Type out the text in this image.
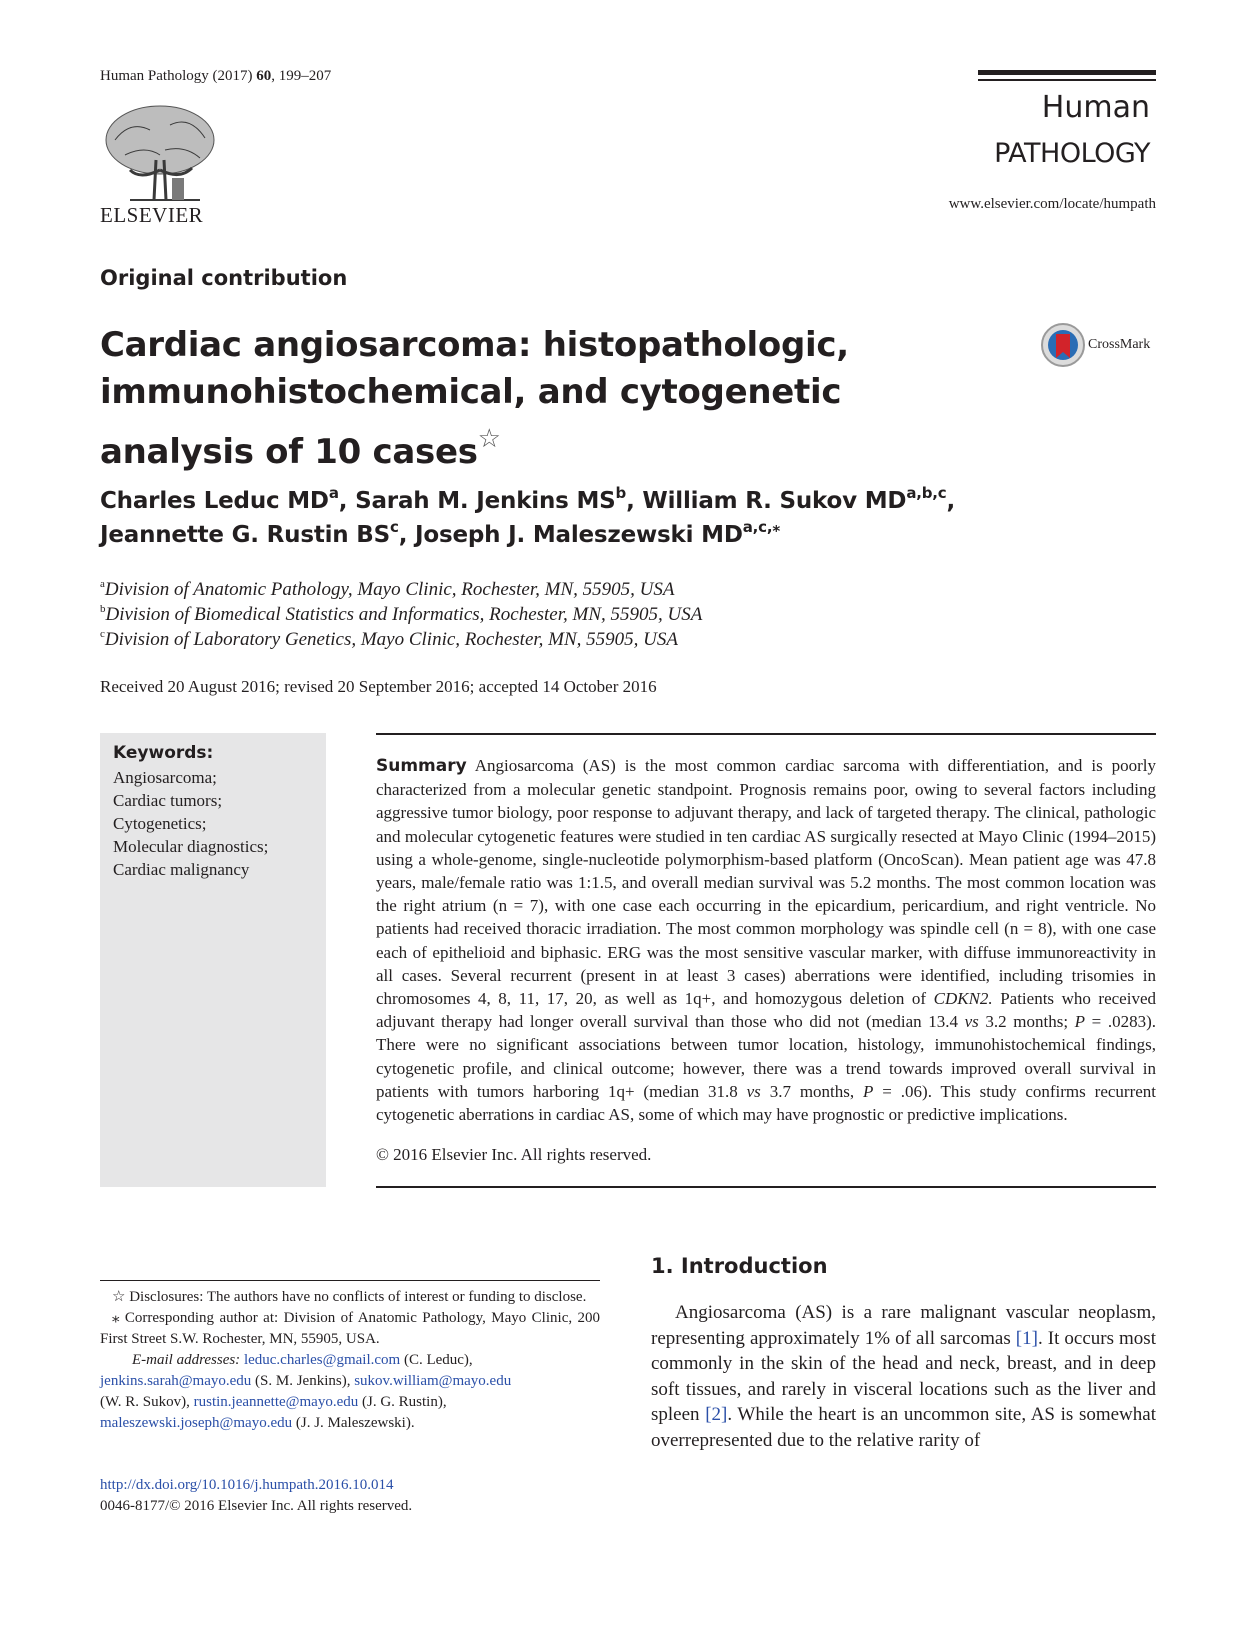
Human Pathology (2017) 60, 199–207
ELSEVIER
Human
PATHOLOGY
www.elsevier.com/locate/humpath
Original contribution
CrossMark
Cardiac angiosarcoma: histopathologic,
immunohistochemical, and cytogenetic
analysis of 10 cases☆
Charles Leduc $MD^a$, Sarah M. Jenkins $MS^b$, William R. Sukov MD$^{a,b,c}$,
Jeannette G. Rustin $BS^c$, Joseph J. Maleszewski $MD^{a,c,⁎}$
$^a$Division of Anatomic Pathology, Mayo Clinic, Rochester, MN, 55905, USA
$^b$Division of Biomedical Statistics and Informatics, Rochester, MN, 55905, USA
$^c$Division of Laboratory Genetics, Mayo Clinic, Rochester, MN, 55905, USA
Received 20 August 2016; revised 20 September 2016; accepted 14 October 2016
Keywords:
Angiosarcoma;
Cardiac tumors;
Cytogenetics;
Molecular diagnostics;
Cardiac malignancy
Summary Angiosarcoma (AS) is the most common cardiac sarcoma with differentiation, and is poorly characterized from a molecular genetic standpoint. Prognosis remains poor, owing to several factors including aggressive tumor biology, poor response to adjuvant therapy, and lack of targeted therapy. The clinical, pathologic and molecular cytogenetic features were studied in ten cardiac AS surgically resected at Mayo Clinic (1994–2015) using a whole-genome, single-nucleotide polymorphism-based platform (OncoScan). Mean patient age was 47.8 years, male/female ratio was 1:1.5, and overall median survival was 5.2 months. The most common location was the right atrium (n = 7), with one case each occurring in the epicardium, pericardium, and right ventricle. No patients had received thoracic irradiation. The most common morphology was spindle cell (n = 8), with one case each of epithelioid and biphasic. ERG was the most sensitive vascular marker, with diffuse immunoreactivity in all cases. Several recurrent (present in at least 3 cases) aberrations were identified, including trisomies in chromosomes 4, 8, 11, 17, 20, as well as 1q+, and homozygous deletion of CDKN2. Patients who received adjuvant therapy had longer overall survival than those who did not (median 13.4 vs 3.2 months; P = .0283). There were no significant associations between tumor location, histology, immunohistochemical findings, cytogenetic profile, and clinical outcome; however, there was a trend towards improved overall survival in patients with tumors harboring 1q+ (median 31.8 vs 3.7 months, P = .06). This study confirms recurrent cytogenetic aberrations in cardiac AS, some of which may have prognostic or predictive implications.
© 2016 Elsevier Inc. All rights reserved.

☆ Disclosures: The authors have no conflicts of interest or funding to disclose.

⁎ Corresponding author at: Division of Anatomic Pathology, Mayo Clinic, 200 First Street S.W. Rochester, MN, 55905, USA.

E-mail addresses: leduc.charles@gmail.com (C. Leduc),
jenkins.sarah@mayo.edu (S. M. Jenkins), sukov.william@mayo.edu
(W. R. Sukov), rustin.jeannette@mayo.edu (J. G. Rustin),
maleszewski.joseph@mayo.edu (J. J. Maleszewski).

http://dx.doi.org/10.1016/j.humpath.2016.10.014
0046-8177/© 2016 Elsevier Inc. All rights reserved.
1. Introduction
Angiosarcoma (AS) is a rare malignant vascular neoplasm, representing approximately 1% of all sarcomas [1]. It occurs most commonly in the skin of the head and neck, breast, and in deep soft tissues, and rarely in visceral locations such as the liver and spleen [2]. While the heart is an uncommon site, AS is somewhat overrepresented due to the relative rarity of
